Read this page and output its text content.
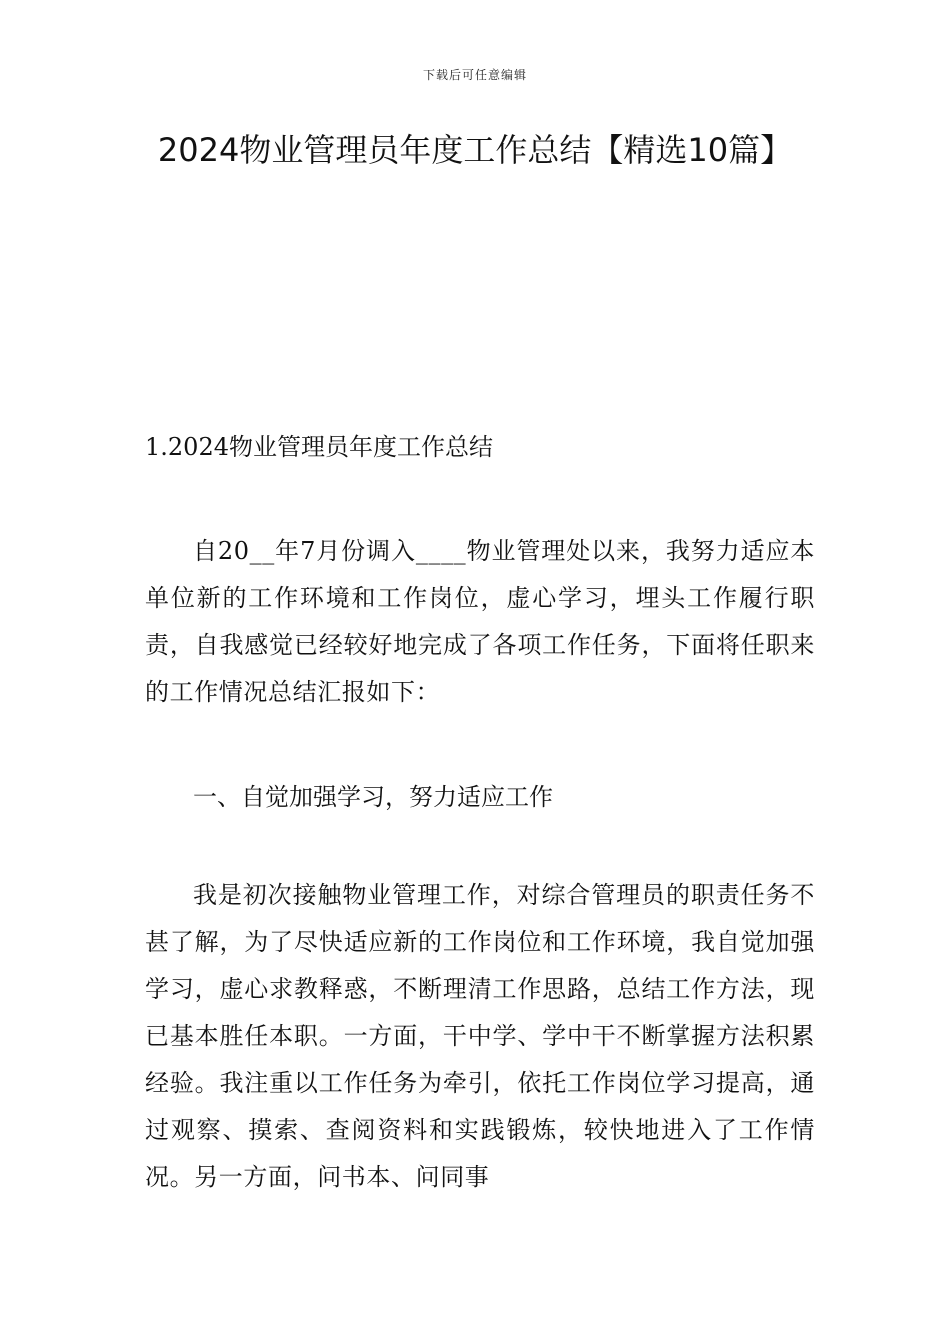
下载后可任意编辑
2024物业管理员年度工作总结【精选10篇】
1.2024物业管理员年度工作总结

自20__年7月份调入____物业管理处以来，我努力适应本单位新的工作环境和工作岗位，虚心学习，埋头工作履行职责，自我感觉已经较好地完成了各项工作任务，下面将任职来的工作情况总结汇报如下：

一、自觉加强学习，努力适应工作

我是初次接触物业管理工作，对综合管理员的职责任务不甚了解，为了尽快适应新的工作岗位和工作环境，我自觉加强学习，虚心求教释惑，不断理清工作思路，总结工作方法，现已基本胜任本职。一方面，干中学、学中干不断掌握方法积累经验。我注重以工作任务为牵引，依托工作岗位学习提高，通过观察、摸索、查阅资料和实践锻炼，较快地进入了工作情况。另一方面，问书本、问同事
